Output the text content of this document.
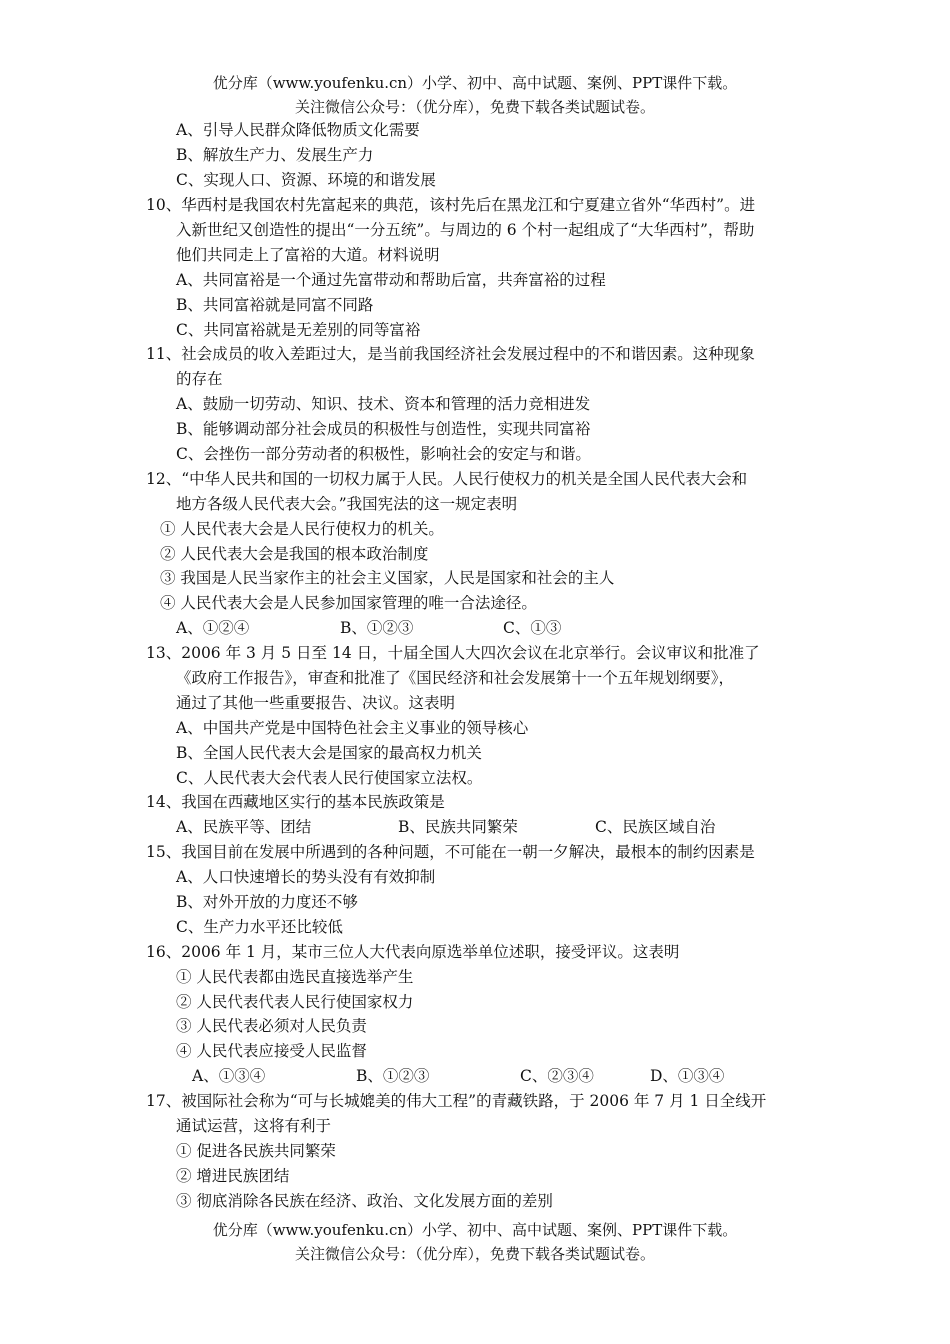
优分库（www.youfenku.cn）小学、初中、高中试题、案例、PPT课件下载。
关注微信公众号：（优分库），免费下载各类试题试卷。
A、引导人民群众降低物质文化需要
B、解放生产力、发展生产力
C、实现人口、资源、环境的和谐发展
10、华西村是我国农村先富起来的典范，该村先后在黑龙江和宁夏建立省外“华西村”。进
入新世纪又创造性的提出“一分五统”。与周边的 6 个村一起组成了“大华西村”，帮助
他们共同走上了富裕的大道。材料说明
A、共同富裕是一个通过先富带动和帮助后富，共奔富裕的过程
B、共同富裕就是同富不同路
C、共同富裕就是无差别的同等富裕
11、社会成员的收入差距过大，是当前我国经济社会发展过程中的不和谐因素。这种现象
的存在
A、鼓励一切劳动、知识、技术、资本和管理的活力竞相进发
B、能够调动部分社会成员的积极性与创造性，实现共同富裕
C、会挫伤一部分劳动者的积极性，影响社会的安定与和谐。
12、“中华人民共和国的一切权力属于人民。人民行使权力的机关是全国人民代表大会和
地方各级人民代表大会。”我国宪法的这一规定表明
① 人民代表大会是人民行使权力的机关。
② 人民代表大会是我国的根本政治制度
③ 我国是人民当家作主的社会主义国家，人民是国家和社会的主人
④ 人民代表大会是人民参加国家管理的唯一合法途径。
A、①②④	B、①②③	C、①③
13、2006 年 3 月 5 日至 14 日，十届全国人大四次会议在北京举行。会议审议和批准了
《政府工作报告》，审查和批准了《国民经济和社会发展第十一个五年规划纲要》，
通过了其他一些重要报告、决议。这表明
A、中国共产党是中国特色社会主义事业的领导核心
B、全国人民代表大会是国家的最高权力机关
C、人民代表大会代表人民行使国家立法权。
14、我国在西藏地区实行的基本民族政策是
A、民族平等、团结	B、民族共同繁荣	C、民族区域自治
15、我国目前在发展中所遇到的各种问题，不可能在一朝一夕解决，最根本的制约因素是
A、人口快速增长的势头没有有效抑制
B、对外开放的力度还不够
C、生产力水平还比较低
16、2006 年 1 月，某市三位人大代表向原选举单位述职，接受评议。这表明
① 人民代表都由选民直接选举产生
② 人民代表代表人民行使国家权力
③ 人民代表必须对人民负责
④ 人民代表应接受人民监督
A、①③④	B、①②③	C、②③④	D、①③④
17、被国际社会称为“可与长城媲美的伟大工程”的青藏铁路，于 2006 年 7 月 1 日全线开
通试运营，这将有利于
① 促进各民族共同繁荣
② 增进民族团结
③ 彻底消除各民族在经济、政治、文化发展方面的差别
优分库（www.youfenku.cn）小学、初中、高中试题、案例、PPT课件下载。
关注微信公众号：（优分库），免费下载各类试题试卷。
